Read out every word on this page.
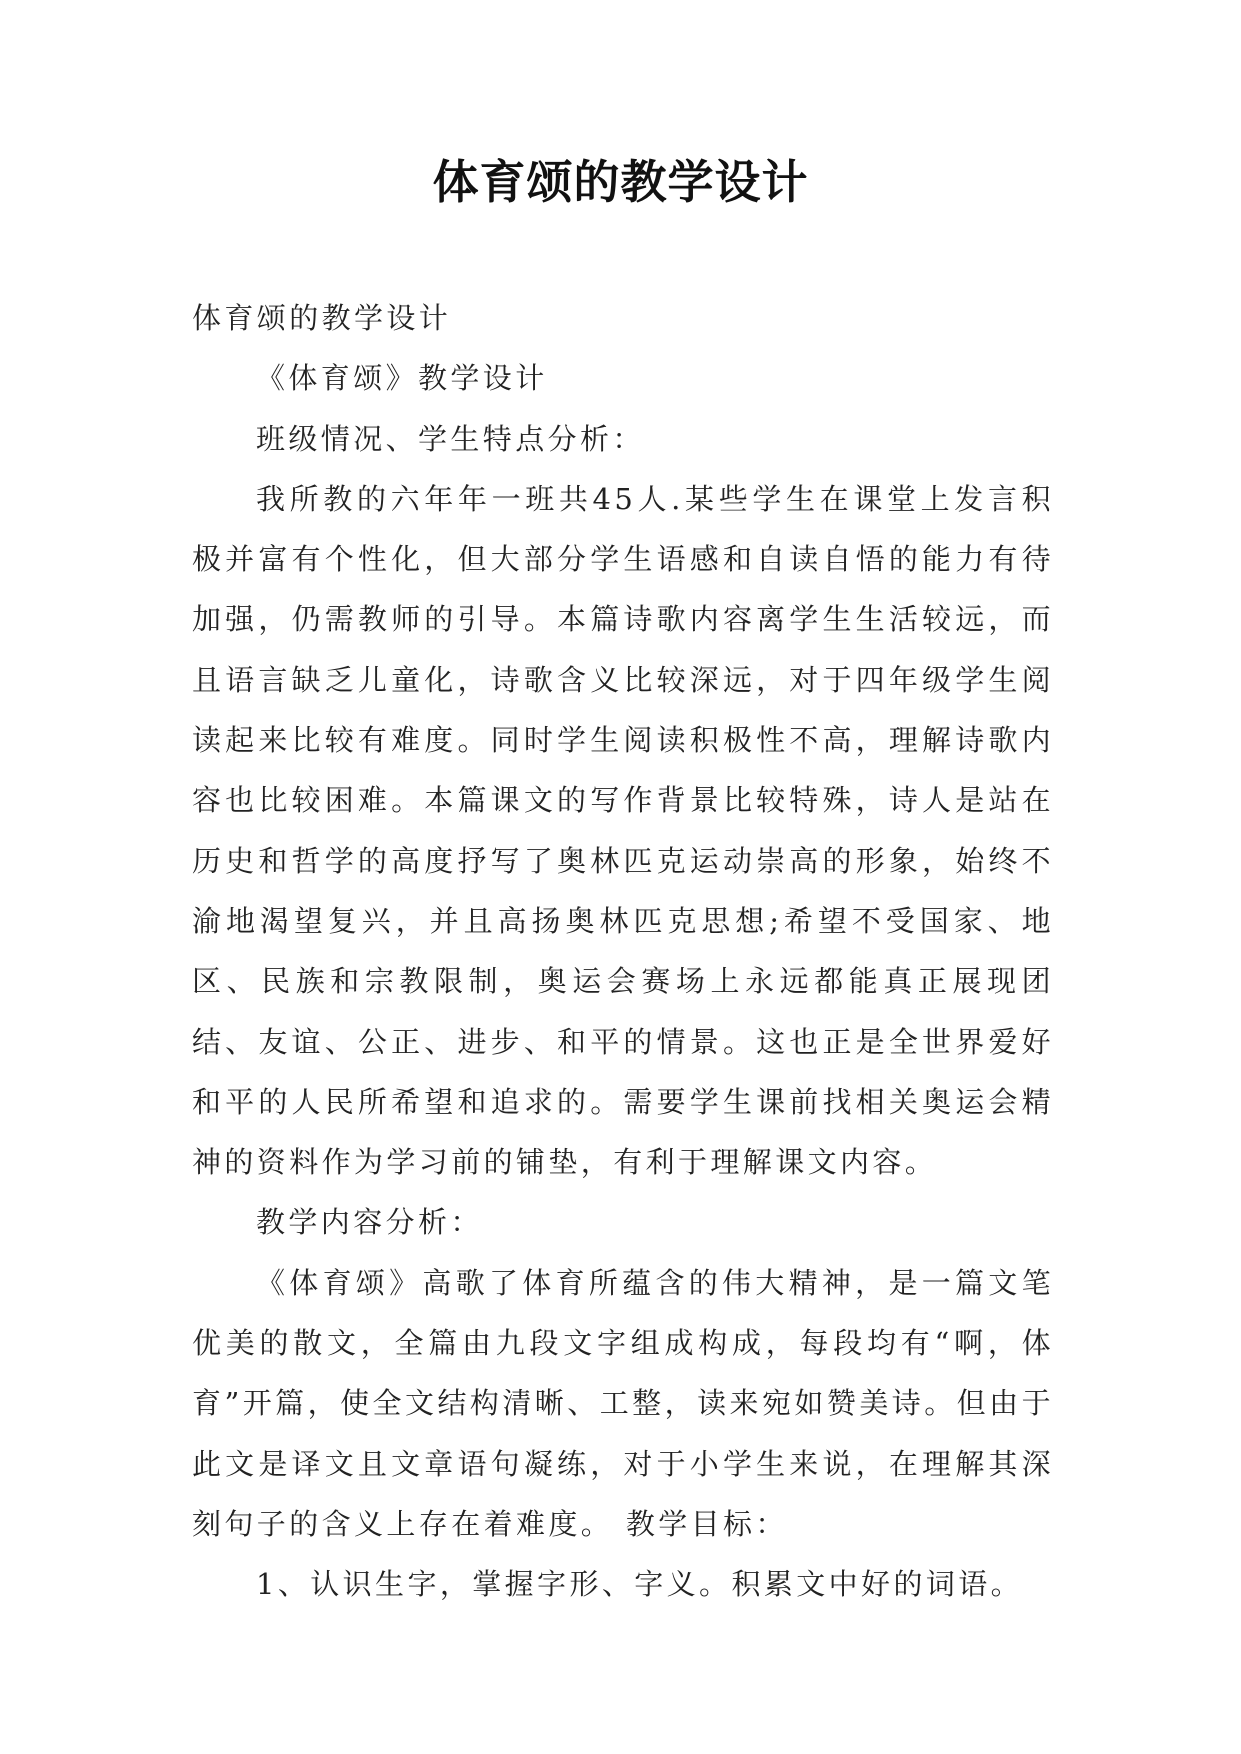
体育颂的教学设计

体育颂的教学设计

《体育颂》教学设计

班级情况、学生特点分析：

我所教的六年年一班共45人.某些学生在课堂上发言积极并富有个性化，但大部分学生语感和自读自悟的能力有待加强，仍需教师的引导。本篇诗歌内容离学生生活较远，而且语言缺乏儿童化，诗歌含义比较深远，对于四年级学生阅读起来比较有难度。同时学生阅读积极性不高，理解诗歌内容也比较困难。本篇课文的写作背景比较特殊，诗人是站在历史和哲学的高度抒写了奥林匹克运动崇高的形象，始终不渝地渴望复兴，并且高扬奥林匹克思想;希望不受国家、地区、民族和宗教限制，奥运会赛场上永远都能真正展现团结、友谊、公正、进步、和平的情景。这也正是全世界爱好和平的人民所希望和追求的。需要学生课前找相关奥运会精神的资料作为学习前的铺垫，有利于理解课文内容。

教学内容分析：

《体育颂》高歌了体育所蕴含的伟大精神，是一篇文笔优美的散文，全篇由九段文字组成构成，每段均有“啊，体育”开篇，使全文结构清晰、工整，读来宛如赞美诗。但由于此文是译文且文章语句凝练，对于小学生来说，在理解其深刻句子的含义上存在着难度。 教学目标：

1、认识生字，掌握字形、字义。积累文中好的词语。
